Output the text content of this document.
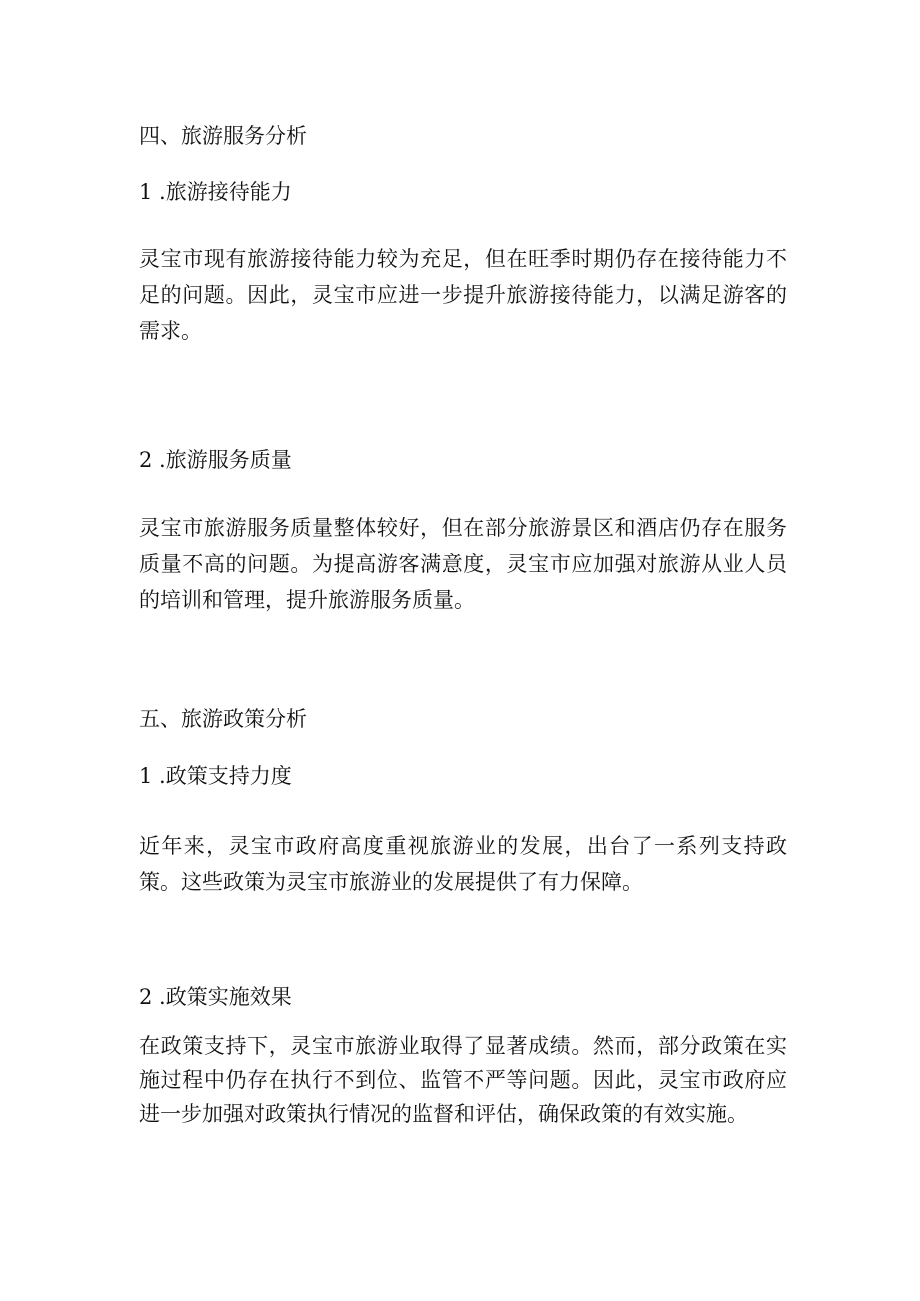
四、旅游服务分析
1 .旅游接待能力
灵宝市现有旅游接待能力较为充足，但在旺季时期仍存在接待能力不足的问题。因此，灵宝市应进一步提升旅游接待能力，以满足游客的需求。
2 .旅游服务质量
灵宝市旅游服务质量整体较好，但在部分旅游景区和酒店仍存在服务质量不高的问题。为提高游客满意度，灵宝市应加强对旅游从业人员的培训和管理，提升旅游服务质量。
五、旅游政策分析
1 .政策支持力度
近年来，灵宝市政府高度重视旅游业的发展，出台了一系列支持政策。这些政策为灵宝市旅游业的发展提供了有力保障。
2 .政策实施效果
在政策支持下，灵宝市旅游业取得了显著成绩。然而，部分政策在实施过程中仍存在执行不到位、监管不严等问题。因此，灵宝市政府应进一步加强对政策执行情况的监督和评估，确保政策的有效实施。
